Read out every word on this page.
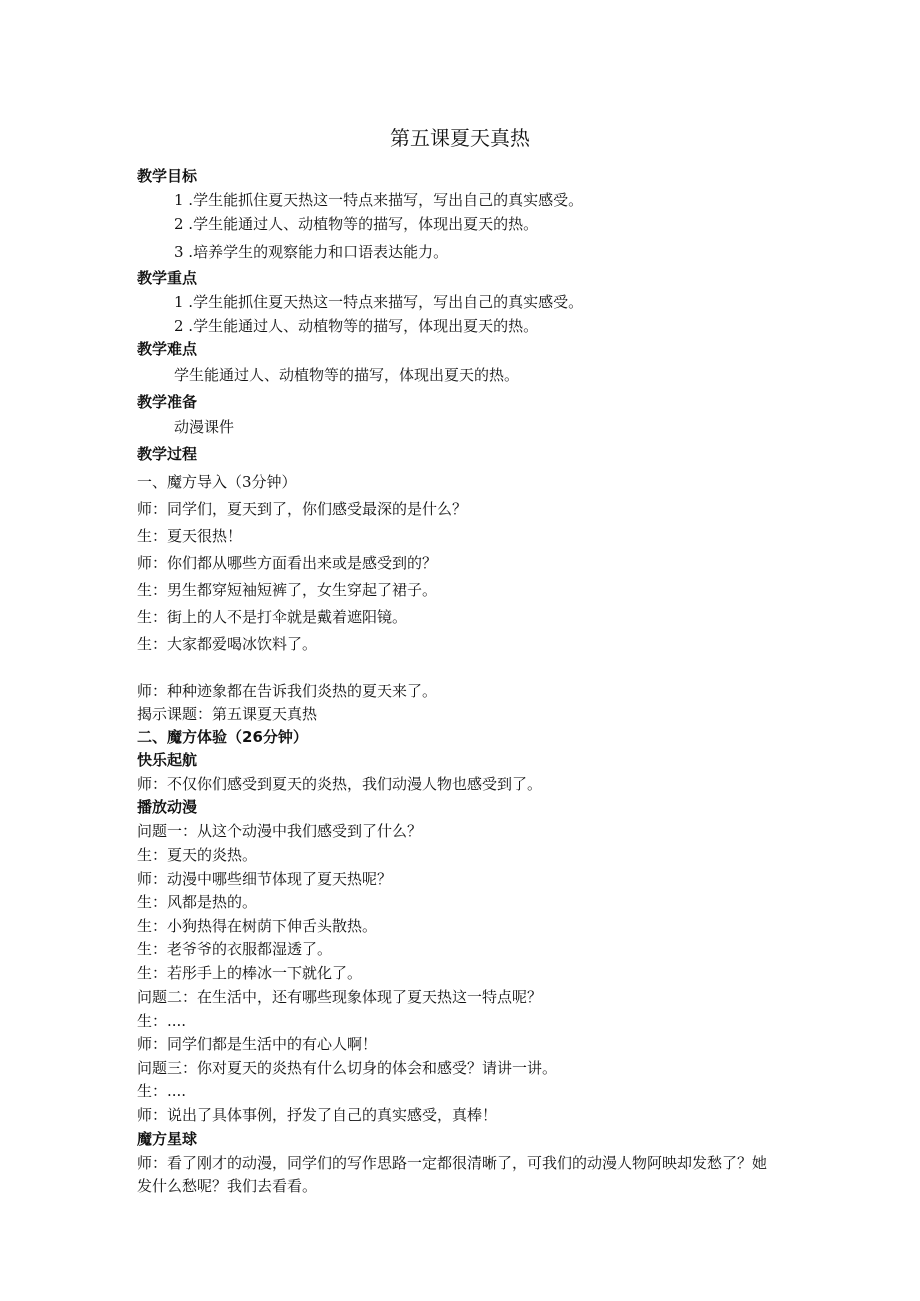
第五课夏天真热
教学目标
1 .学生能抓住夏天热这一特点来描写，写出自己的真实感受。
2 .学生能通过人、动植物等的描写，体现出夏天的热。
3 .培养学生的观察能力和口语表达能力。
教学重点
1 .学生能抓住夏天热这一特点来描写，写出自己的真实感受。
2 .学生能通过人、动植物等的描写，体现出夏天的热。
教学难点
学生能通过人、动植物等的描写，体现出夏天的热。
教学准备
动漫课件
教学过程
一、魔方导入（3分钟）
师：同学们，夏天到了，你们感受最深的是什么？
生：夏天很热！
师：你们都从哪些方面看出来或是感受到的？
生：男生都穿短袖短裤了，女生穿起了裙子。
生：街上的人不是打伞就是戴着遮阳镜。
生：大家都爱喝冰饮料了。
师：种种迹象都在告诉我们炎热的夏天来了。
揭示课题：第五课夏天真热
二、魔方体验（26分钟）
快乐起航
师：不仅你们感受到夏天的炎热，我们动漫人物也感受到了。
播放动漫
问题一：从这个动漫中我们感受到了什么？
生：夏天的炎热。
师：动漫中哪些细节体现了夏天热呢？
生：风都是热的。
生：小狗热得在树荫下伸舌头散热。
生：老爷爷的衣服都湿透了。
生：若彤手上的棒冰一下就化了。
问题二：在生活中，还有哪些现象体现了夏天热这一特点呢？
生：....
师：同学们都是生活中的有心人啊！
问题三：你对夏天的炎热有什么切身的体会和感受？请讲一讲。
生：....
师：说出了具体事例，抒发了自己的真实感受，真棒！
魔方星球
师：看了刚才的动漫，同学们的写作思路一定都很清晰了，可我们的动漫人物阿映却发愁了？她发什么愁呢？我们去看看。
